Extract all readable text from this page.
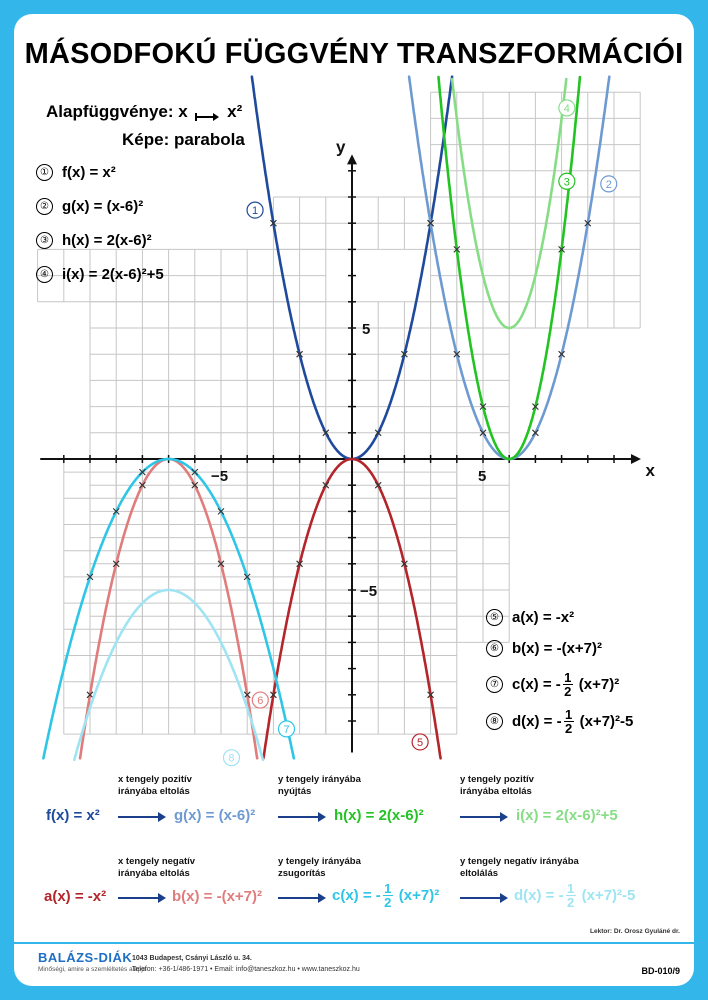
5
−5
5
−5
x
y
1
2
3
4
5
6
7
8
MÁSODFOKÚ FÜGGVÉNY TRANSZFORMÁCIÓI
Alapfüggvénye: x x²
Képe: parabola
① f(x) = x²
② g(x) = (x-6)²
③ h(x) = 2(x-6)²
④ i(x) = 2(x-6)²+5
⑤ a(x) = -x²
⑥ b(x) = -(x+7)²
⑦ c(x) = - $\frac{1}{2} (x+7)^2$
⑧ d(x) = - $\frac{1}{2} (x+7)^2-5$
x tengely pozitív irányába eltolás
y tengely irányába nyújtás
y tengely pozitív irányába eltolás
f(x) = x²	g(x) = (x-6)²	h(x) = 2(x-6)²	i(x) = 2(x-6)²+5
x tengely negatív irányába eltolás
y tengely irányába zsugorítás
y tengely negatív irányába eltolálás
a(x) = -x²	b(x) = -(x+7)²	c(x) = - $\frac{1}{2} (x+7)^2$	d(x) = - $\frac{1}{2} (x+7)^2-5$
Lektor: Dr. Orosz Gyuláné dr.
BALÁZS-DIÁK
Minőségi, amire a szemléltetés alapja
1043 Budapest, Csányi László u. 34.
Telefon: +36-1/486-1971 • Email: info@taneszkoz.hu • www.taneszkoz.hu	BD-010/9
